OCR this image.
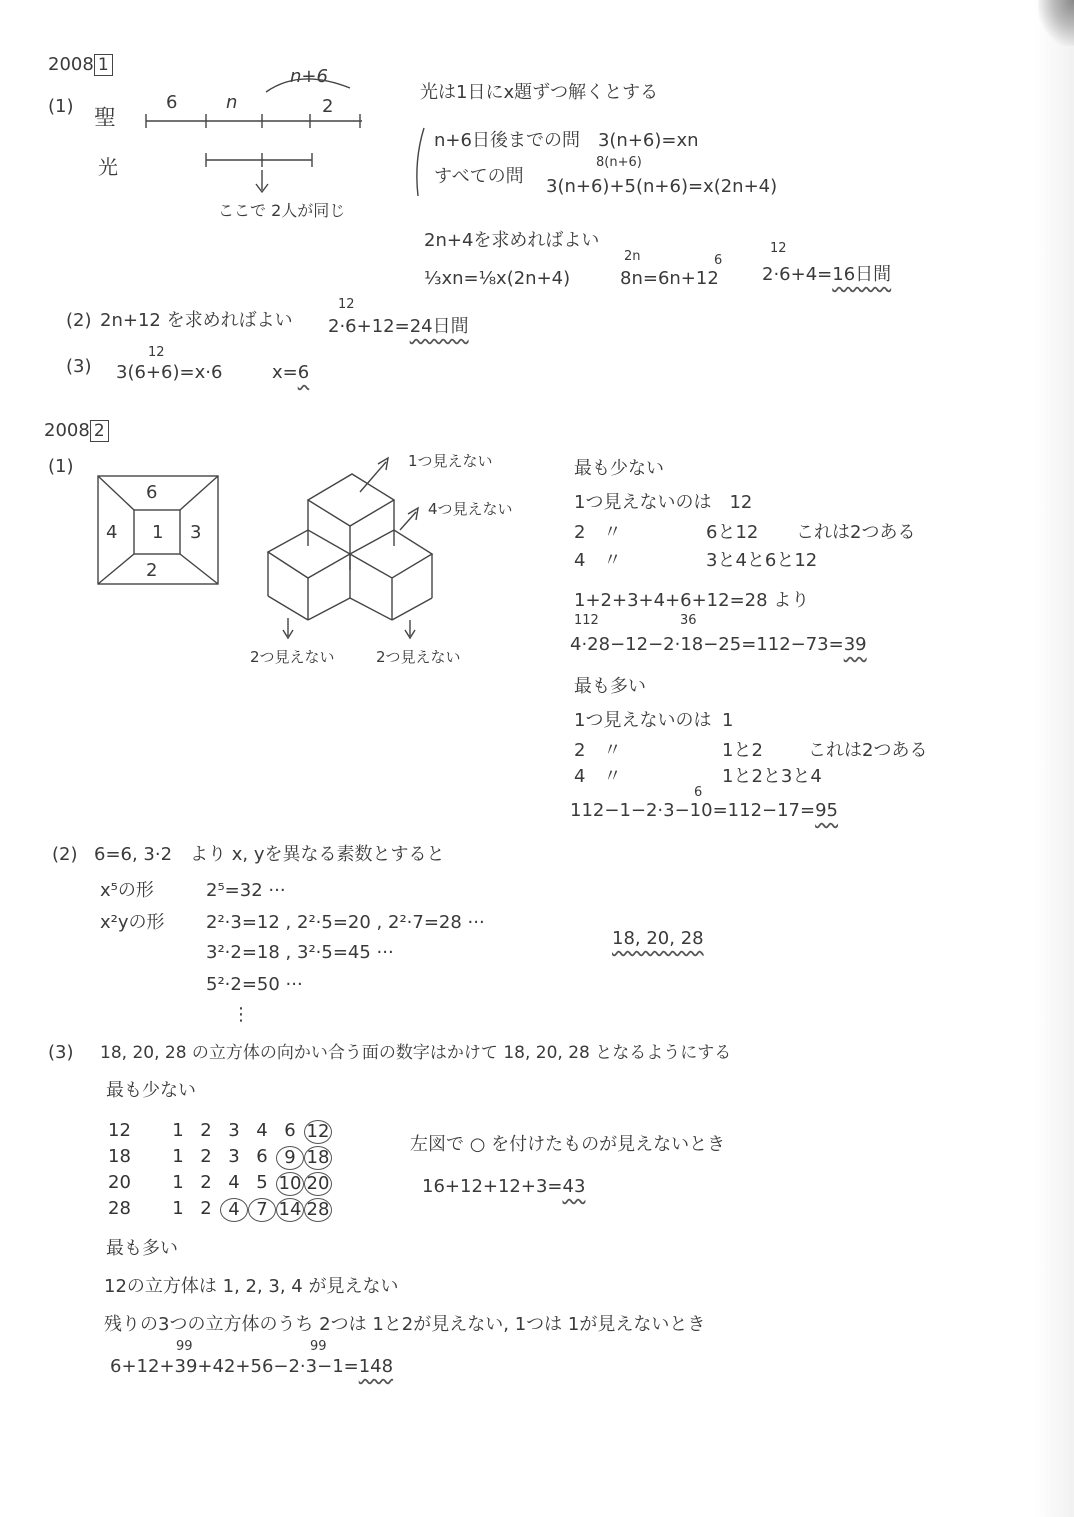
2008 1
(1) 聖
光
6	n	2
n+6
ここで 2人が同じ
光は1日にx題ずつ解くとする
n+6日後までの問　3(n+6)=xn
8(n+6)
すべての問 3(n+6)+5(n+6)=x(2n+4)
2n+4を求めればよい
⅓xn=⅛x(2n+4)
2n	6
8n=6n+12
12
2·6+4=16日間
(2) 2n+12 を求めればよい
12
2·6+12=24日間
(3)
12
3(6+6)=x·6	x=6
2008 2
(1)
6
4 1 3
2
1つ見えない
4つ見えない
2つ見えない	2つ見えない
最も少ない
1つ見えないのは　12
2　〃	6と12 これは2つある
4　〃	3と4と6と12
1+2+3+4+6+12=28 より
112	36
4·28−12−2·18−25=112−73=39
最も多い
1つ見えないのは 1
2　〃	1と2	これは2つある
4　〃	1と2と3と4
6
112−1−2·3−10=112−17=95
(2) 6=6, 3·2　より x, yを異なる素数とすると
x⁵の形	2⁵=32 ···
x²yの形 2²·3=12 , 2²·5=20 , 2²·7=28 ···
3²·2=18 , 3²·5=45 ···
5²·2=50 ···
⋮
18, 20, 28
(3) 18, 20, 28 の立方体の向かい合う面の数字はかけて 18, 20, 28 となるようにする
最も少ない
12	1 2 3 4 6 12
18	1 2 3 6 9 18
20	1 2 4 5 10 20
28	1 2 4 7 14 28
左図で ○ を付けたものが見えないとき
16+12+12+3=43
最も多い
12の立方体は 1, 2, 3, 4 が見えない
残りの3つの立方体のうち 2つは 1と2が見えない, 1つは 1が見えないとき
99	99
6+12+39+42+56−2·3−1=148
